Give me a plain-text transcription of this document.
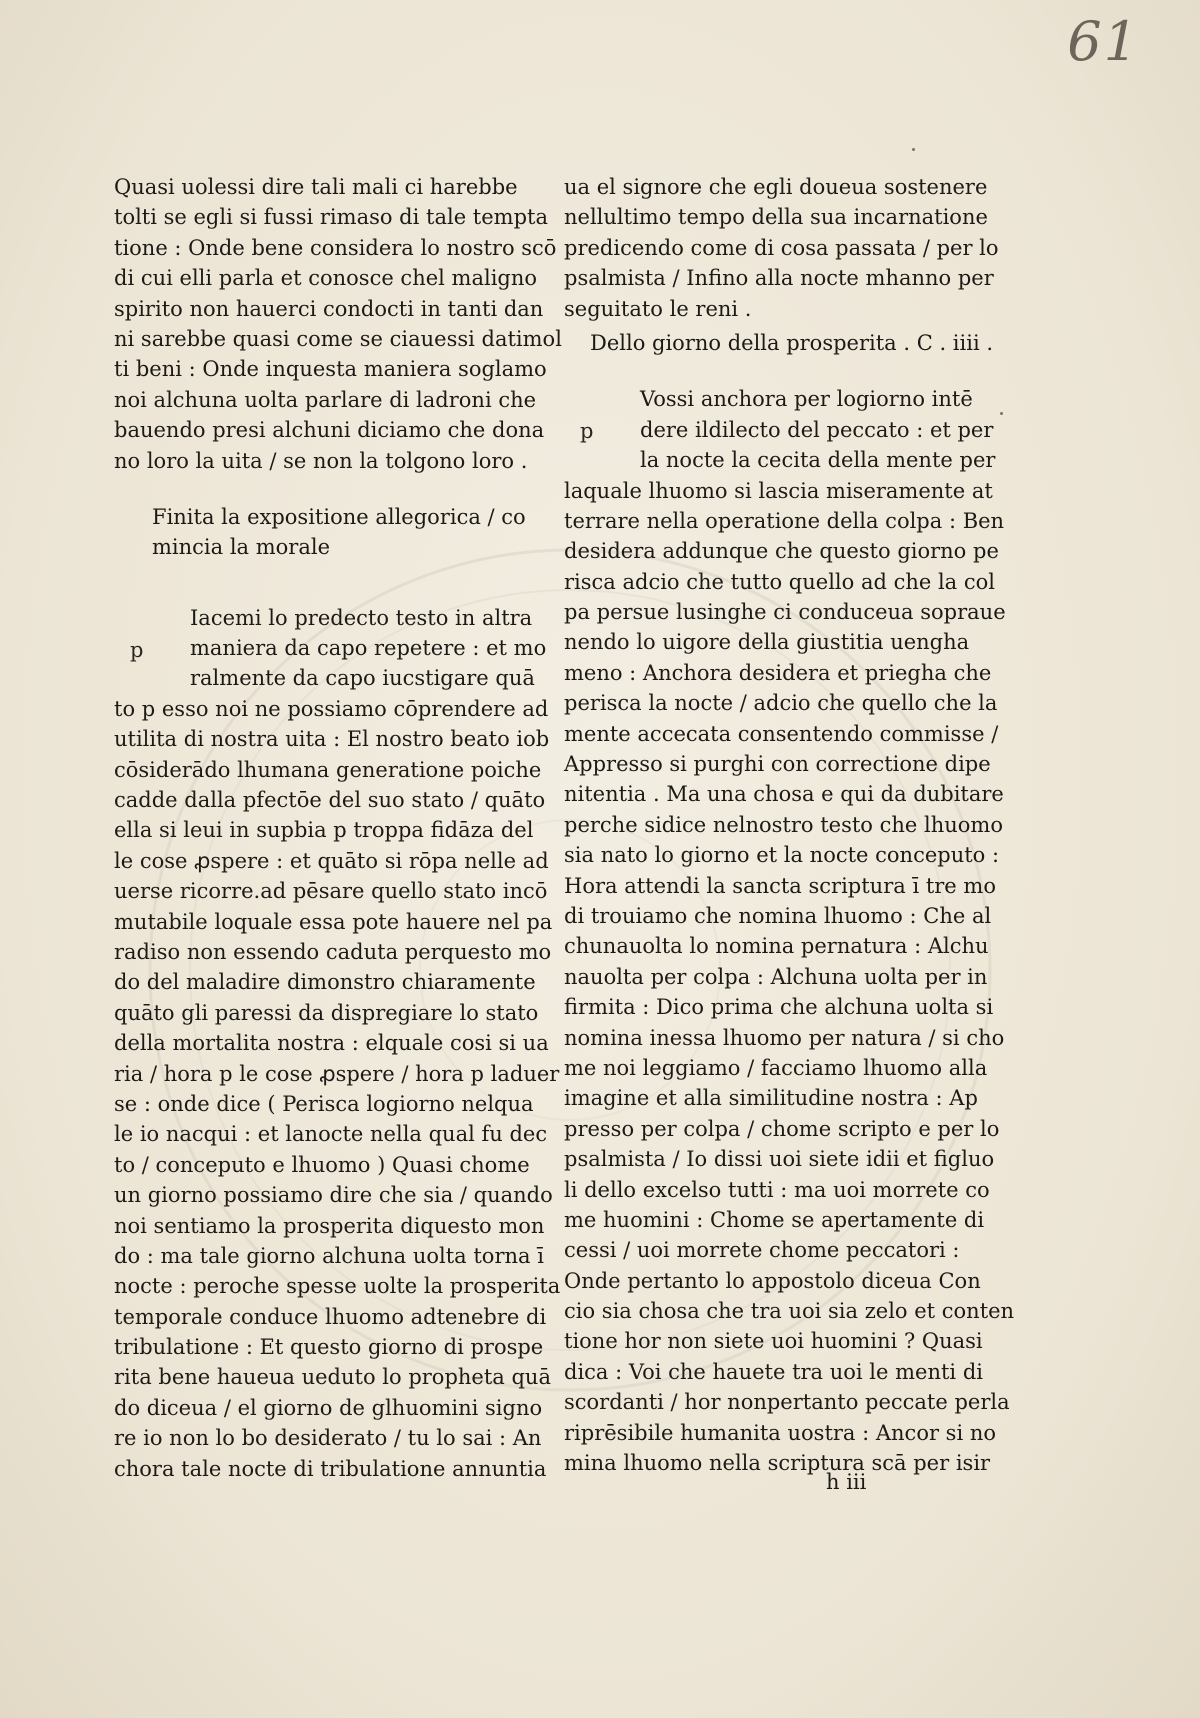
61
Quasi uolessi dire tali mali ci harebbe
tolti se egli si fussi rimaso di tale tempta
tione : Onde bene considera lo nostro scō
di cui elli parla et conosce chel maligno
spirito non hauerci condocti in tanti dan
ni sarebbe quasi come se ciauessi datimol
ti beni : Onde inquesta maniera soglamo
noi alchuna uolta parlare di ladroni che
bauendo presi alchuni diciamo che dona
no loro la uita / se non la tolgono loro .
Finita la expositione allegorica / co
mincia la morale
p
Iacemi lo predecto testo in altra
maniera da capo repetere : et mo
ralmente da capo iucstigare quā
to p esso noi ne possiamo cōprendere ad
utilita di nostra uita : El nostro beato iob
cōsiderādo lhumana generatione poiche
cadde dalla pfectōe del suo stato / quāto
ella si leui in supbia p troppa fidāza del
le cose ꝓspere : et quāto si rōpa nelle ad
uerse ricorre.ad pēsare quello stato incō
mutabile loquale essa pote hauere nel pa
radiso non essendo caduta perquesto mo
do del maladire dimonstro chiaramente
quāto gli paressi da dispregiare lo stato
della mortalita nostra : elquale cosi si ua
ria / hora p le cose ꝓspere / hora p laduer
se : onde dice ( Perisca logiorno nelqua
le io nacqui : et lanocte nella qual fu dec
to / conceputo e lhuomo ) Quasi chome
un giorno possiamo dire che sia / quando
noi sentiamo la prosperita diquesto mon
do : ma tale giorno alchuna uolta torna ī
nocte : peroche spesse uolte la prosperita
temporale conduce lhuomo adtenebre di
tribulatione : Et questo giorno di prospe
rita bene haueua ueduto lo propheta quā
do diceua / el giorno de glhuomini signo
re io non lo bo desiderato / tu lo sai : An
chora tale nocte di tribulatione annuntia
ua el signore che egli doueua sostenere
nellultimo tempo della sua incarnatione
predicendo come di cosa passata / per lo
psalmista / Infino alla nocte mhanno per
seguitato le reni .
Dello giorno della prosperita . C . iiii .
p
Vossi anchora per logiorno intē
dere ildilecto del peccato : et per
la nocte la cecita della mente per
laquale lhuomo si lascia miseramente at
terrare nella operatione della colpa : Ben
desidera addunque che questo giorno pe
risca adcio che tutto quello ad che la col
pa persue lusinghe ci conduceua sopraue
nendo lo uigore della giustitia uengha
meno : Anchora desidera et priegha che
perisca la nocte / adcio che quello che la
mente accecata consentendo commisse /
Appresso si purghi con correctione dipe
nitentia . Ma una chosa e qui da dubitare
perche sidice nelnostro testo che lhuomo
sia nato lo giorno et la nocte conceputo :
Hora attendi la sancta scriptura ī tre mo
di trouiamo che nomina lhuomo : Che al
chunauolta lo nomina pernatura : Alchu
nauolta per colpa : Alchuna uolta per in
firmita : Dico prima che alchuna uolta si
nomina inessa lhuomo per natura / si cho
me noi leggiamo / facciamo lhuomo alla
imagine et alla similitudine nostra : Ap
presso per colpa / chome scripto e per lo
psalmista / Io dissi uoi siete idii et figluo
li dello excelso tutti : ma uoi morrete co
me huomini : Chome se apertamente di
cessi / uoi morrete chome peccatori :
Onde pertanto lo appostolo diceua Con
cio sia chosa che tra uoi sia zelo et conten
tione hor non siete uoi huomini ? Quasi
dica : Voi che hauete tra uoi le menti di
scordanti / hor nonpertanto peccate perla
riprēsibile humanita uostra : Ancor si no
mina lhuomo nella scriptura scā per isir
h iii
